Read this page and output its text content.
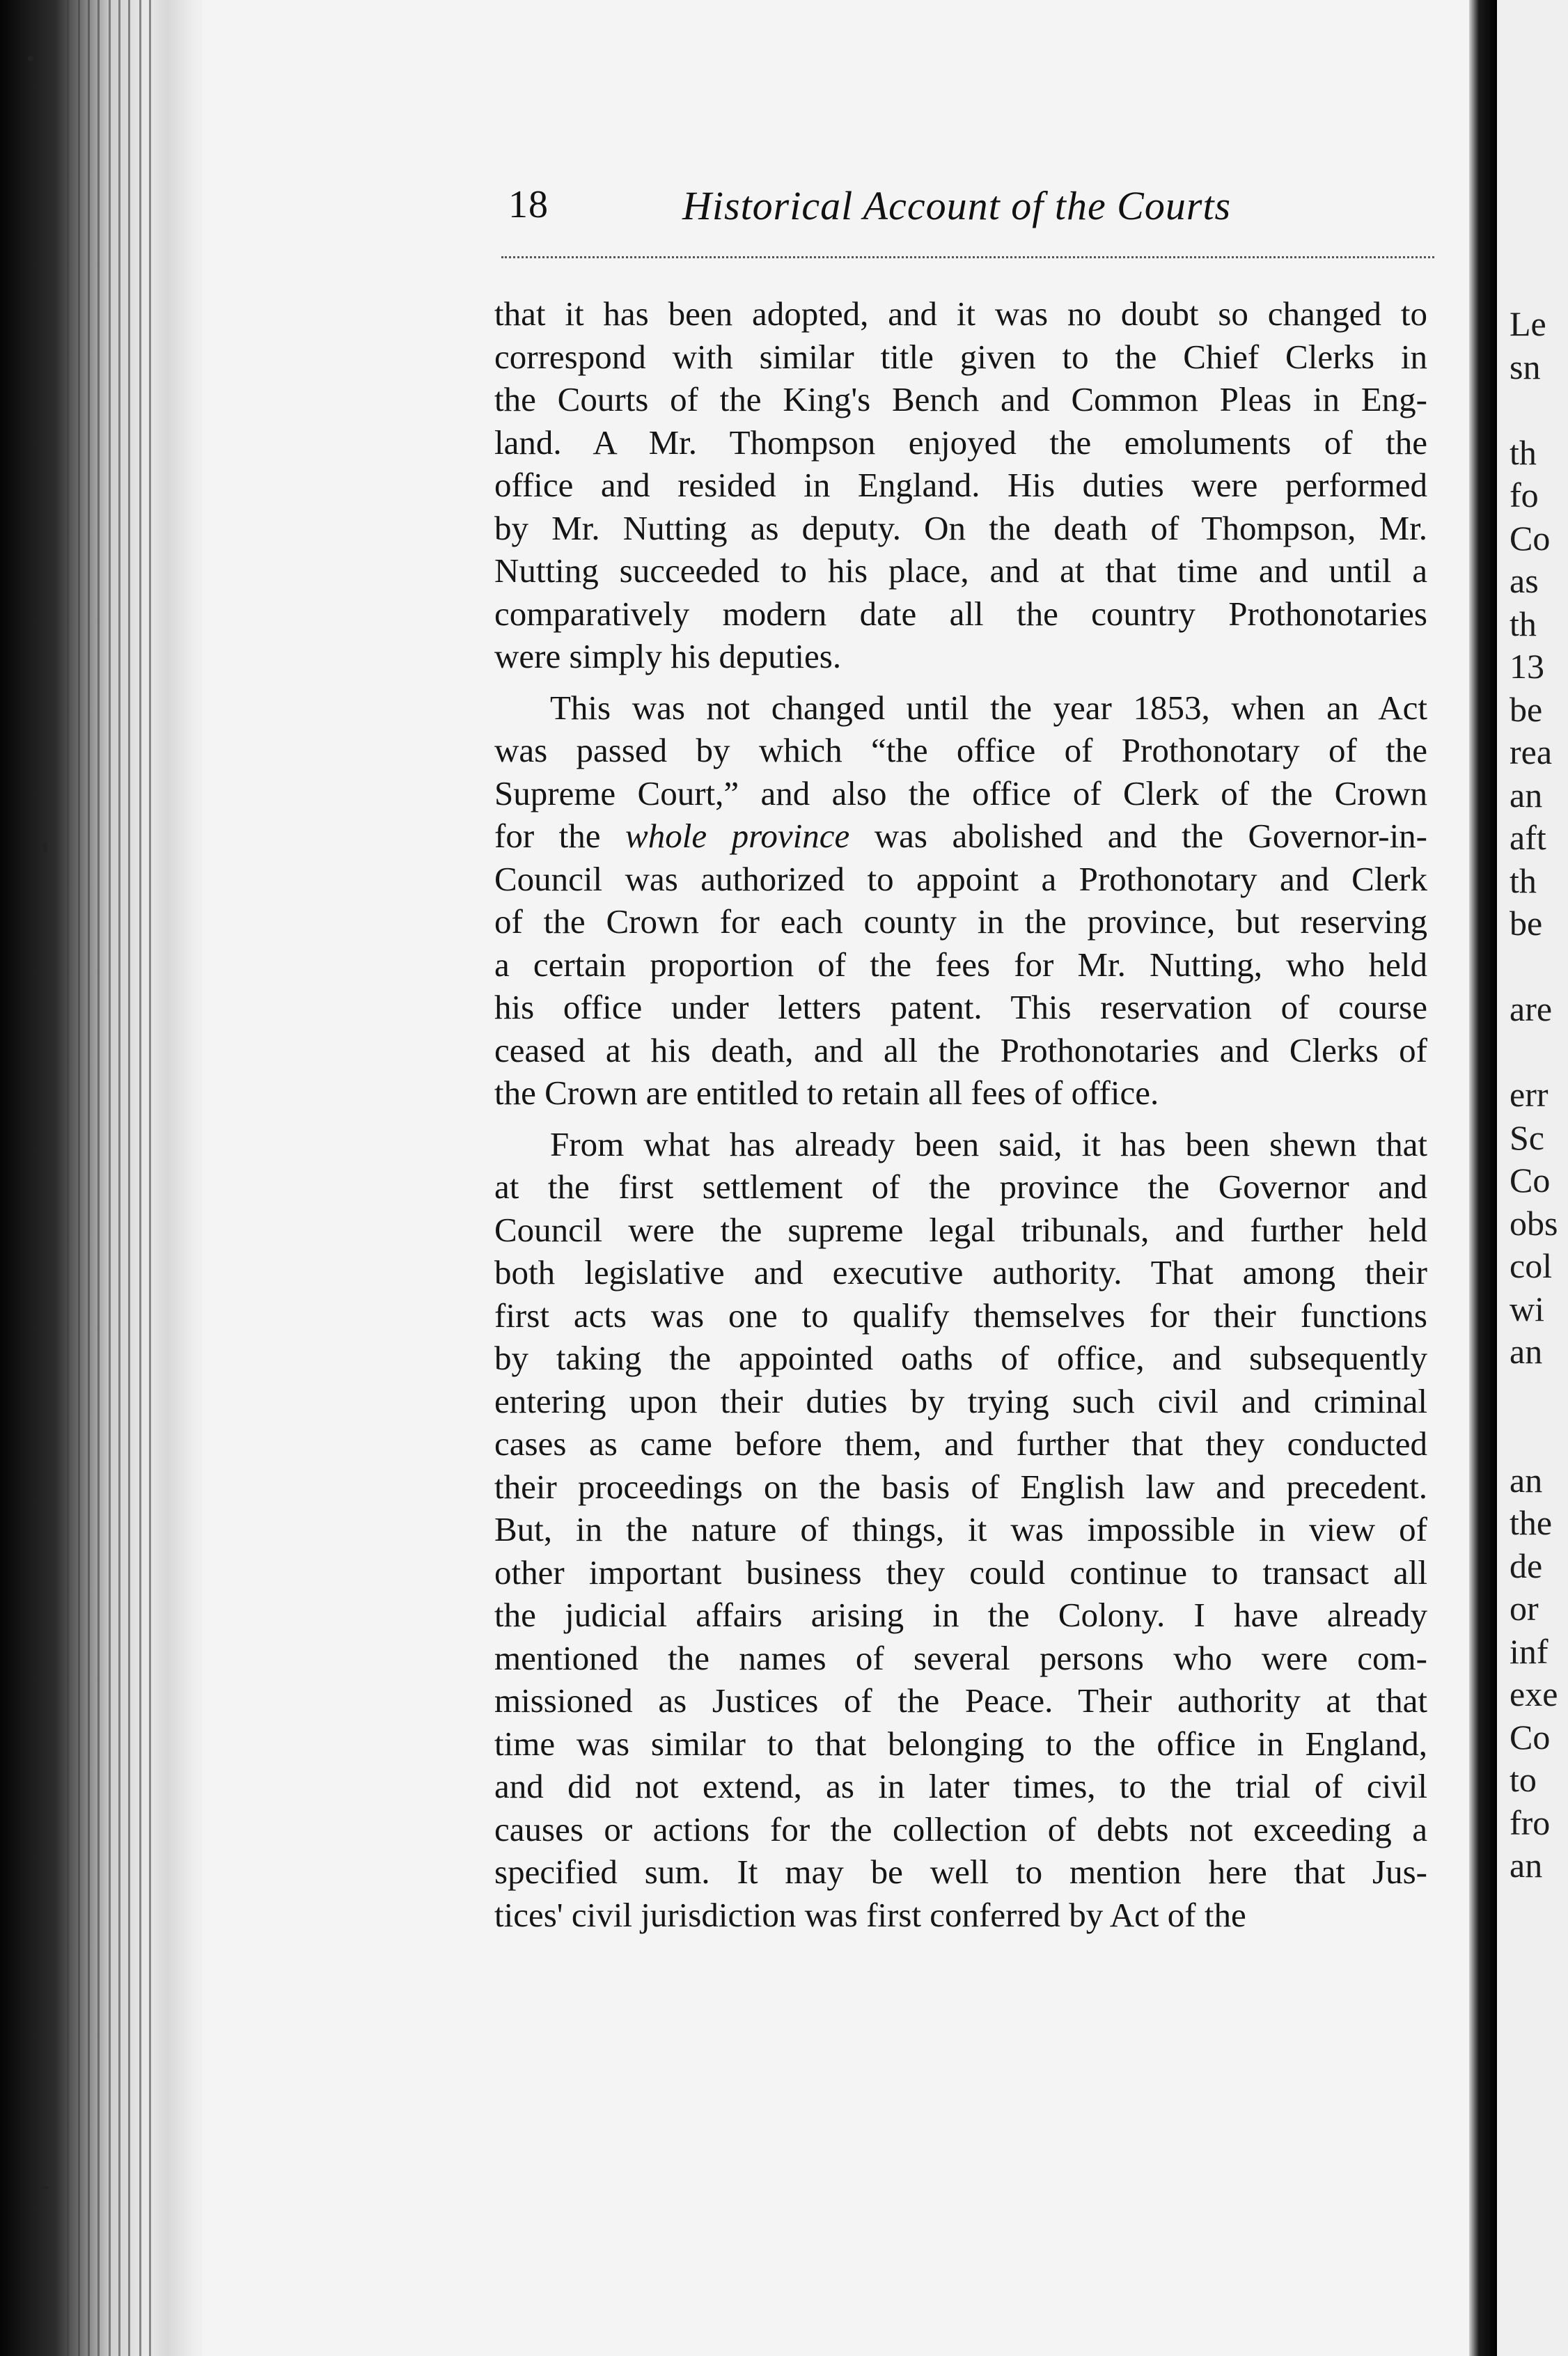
18	Historical Account of the Courts
that it has been adopted, and it was no doubt so changed to
correspond with similar title given to the Chief Clerks in
the Courts of the King's Bench and Common Pleas in Eng-
land. A Mr. Thompson enjoyed the emoluments of the
office and resided in England. His duties were performed
by Mr. Nutting as deputy. On the death of Thompson, Mr.
Nutting succeeded to his place, and at that time and until a
comparatively modern date all the country Prothonotaries
were simply his deputies.
This was not changed until the year 1853, when an Act
was passed by which “the office of Prothonotary of the
Supreme Court,” and also the office of Clerk of the Crown
for the whole province was abolished and the Governor-in-
Council was authorized to appoint a Prothonotary and Clerk
of the Crown for each county in the province, but reserving
a certain proportion of the fees for Mr. Nutting, who held
his office under letters patent. This reservation of course
ceased at his death, and all the Prothonotaries and Clerks of
the Crown are entitled to retain all fees of office.
From what has already been said, it has been shewn that
at the first settlement of the province the Governor and
Council were the supreme legal tribunals, and further held
both legislative and executive authority. That among their
first acts was one to qualify themselves for their functions
by taking the appointed oaths of office, and subsequently
entering upon their duties by trying such civil and criminal
cases as came before them, and further that they conducted
their proceedings on the basis of English law and precedent.
But, in the nature of things, it was impossible in view of
other important business they could continue to transact all
the judicial affairs arising in the Colony. I have already
mentioned the names of several persons who were com-
missioned as Justices of the Peace. Their authority at that
time was similar to that belonging to the office in England,
and did not extend, as in later times, to the trial of civil
causes or actions for the collection of debts not exceeding a
specified sum. It may be well to mention here that Jus-
tices' civil jurisdiction was first conferred by Act of the
Le
sn
th
fo
Co
as
th
13
be
rea
an
aft
th
be
are
err
Sc
Co
obs
col
wi
an
an
the
de
or
inf
exe
Co
to
fro
an
